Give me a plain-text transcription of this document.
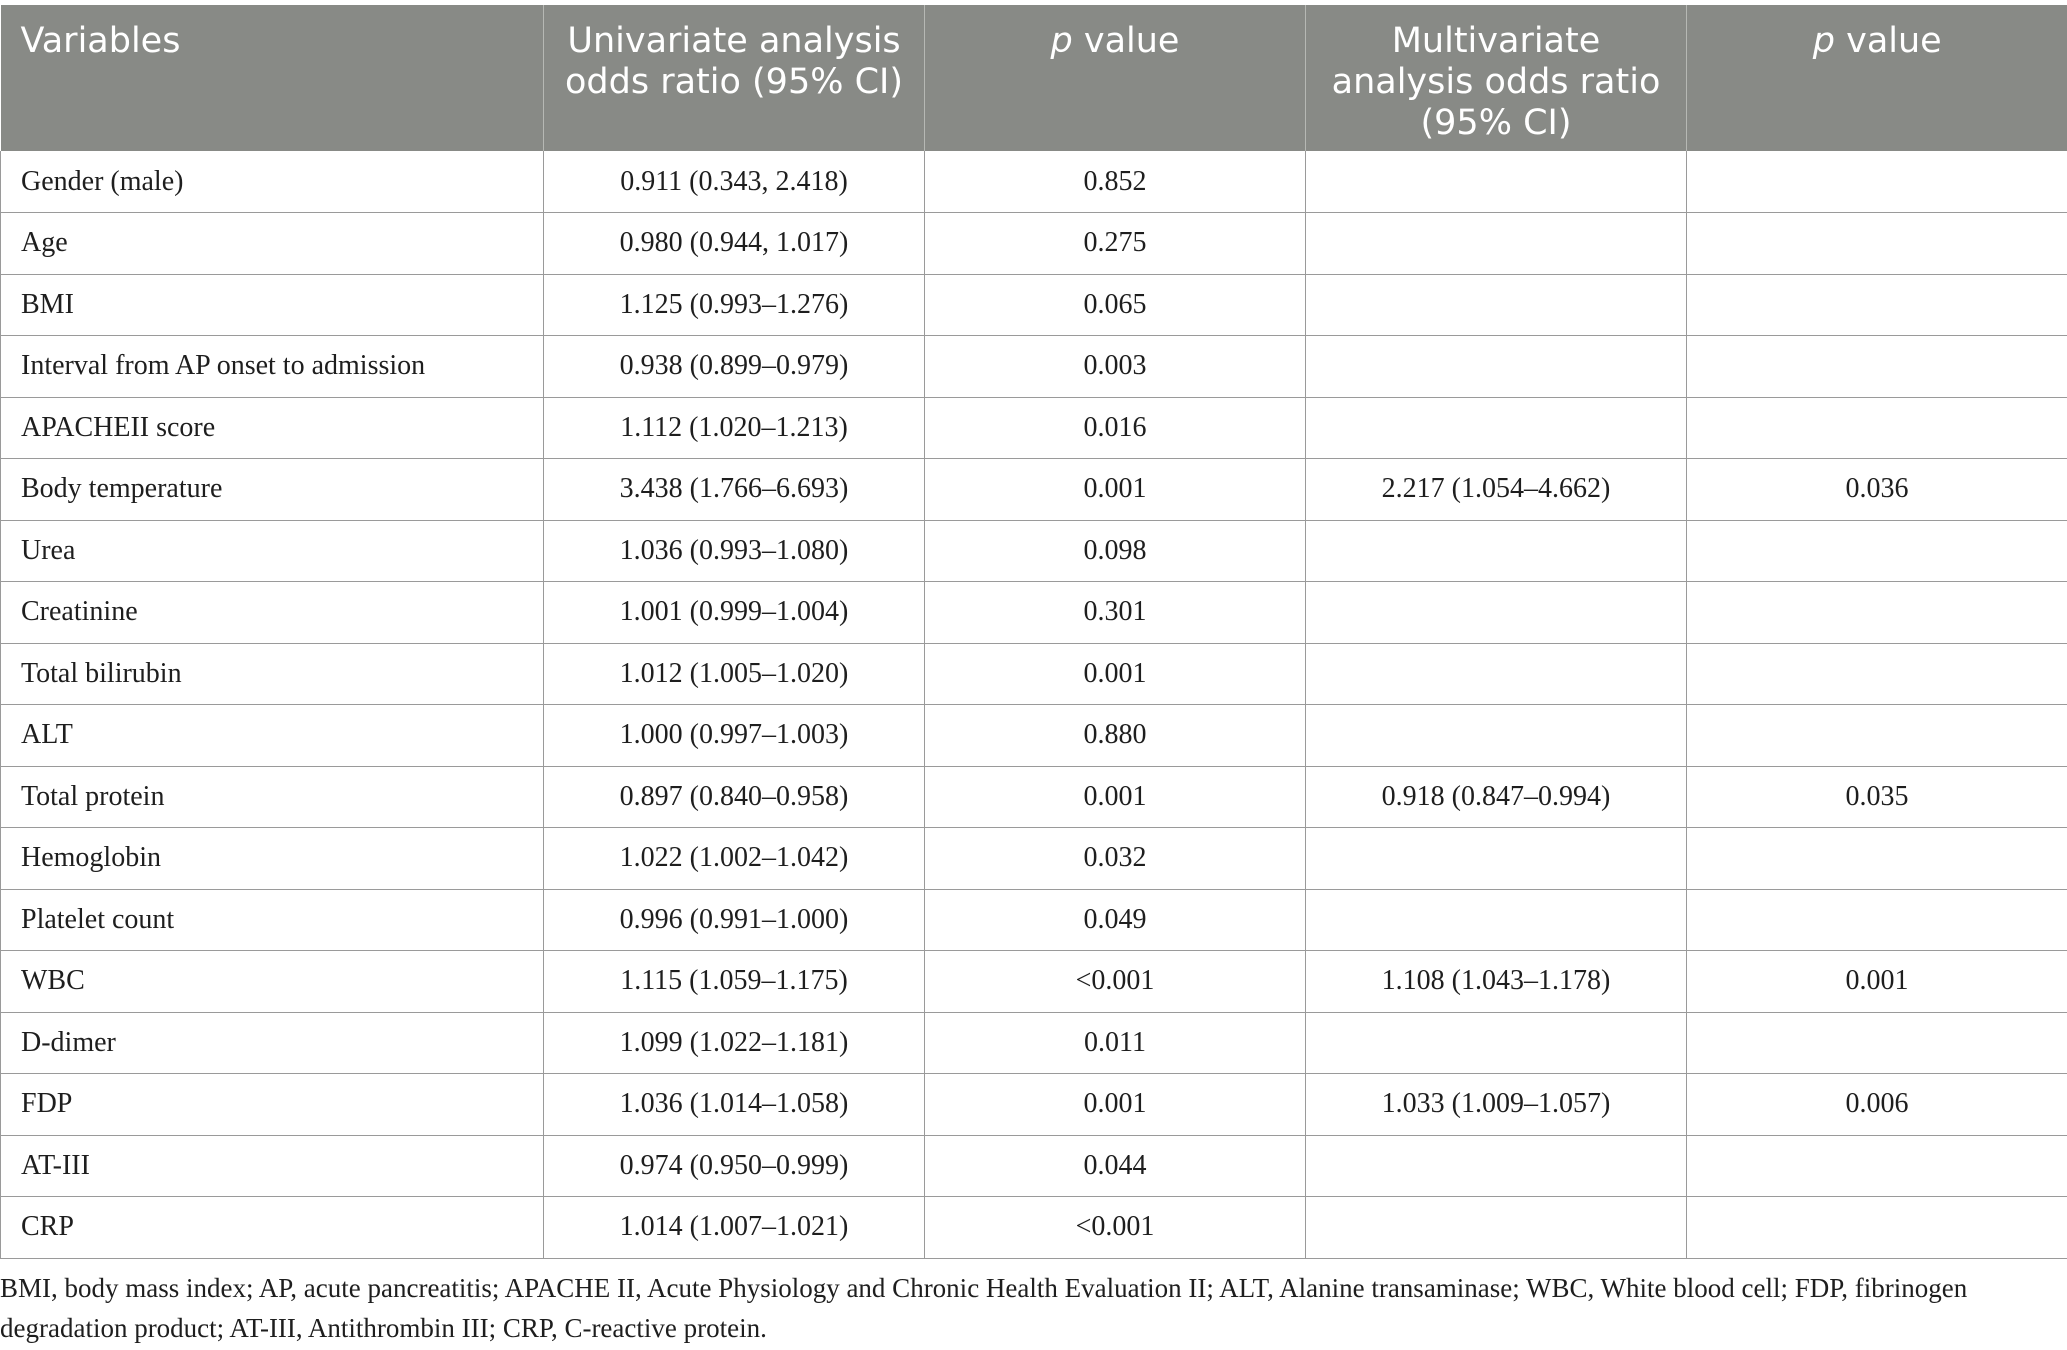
Variables	Univariate analysis odds ratio (95% CI)	p value	Multivariate analysis odds ratio (95% CI)	p value
Gender (male)	0.911 (0.343, 2.418)	0.852		
Age	0.980 (0.944, 1.017)	0.275		
BMI	1.125 (0.993–1.276)	0.065		
Interval from AP onset to admission	0.938 (0.899–0.979)	0.003		
APACHEII score	1.112 (1.020–1.213)	0.016		
Body temperature	3.438 (1.766–6.693)	0.001	2.217 (1.054–4.662)	0.036
Urea	1.036 (0.993–1.080)	0.098		
Creatinine	1.001 (0.999–1.004)	0.301		
Total bilirubin	1.012 (1.005–1.020)	0.001		
ALT	1.000 (0.997–1.003)	0.880		
Total protein	0.897 (0.840–0.958)	0.001	0.918 (0.847–0.994)	0.035
Hemoglobin	1.022 (1.002–1.042)	0.032		
Platelet count	0.996 (0.991–1.000)	0.049		
WBC	1.115 (1.059–1.175)	<0.001	1.108 (1.043–1.178)	0.001
D-dimer	1.099 (1.022–1.181)	0.011		
FDP	1.036 (1.014–1.058)	0.001	1.033 (1.009–1.057)	0.006
AT-III	0.974 (0.950–0.999)	0.044		
CRP	1.014 (1.007–1.021)	<0.001		
BMI, body mass index; AP, acute pancreatitis; APACHE II, Acute Physiology and Chronic Health Evaluation II; ALT, Alanine transaminase; WBC, White blood cell; FDP, fibrinogen degradation product; AT-III, Antithrombin III; CRP, C-reactive protein.
